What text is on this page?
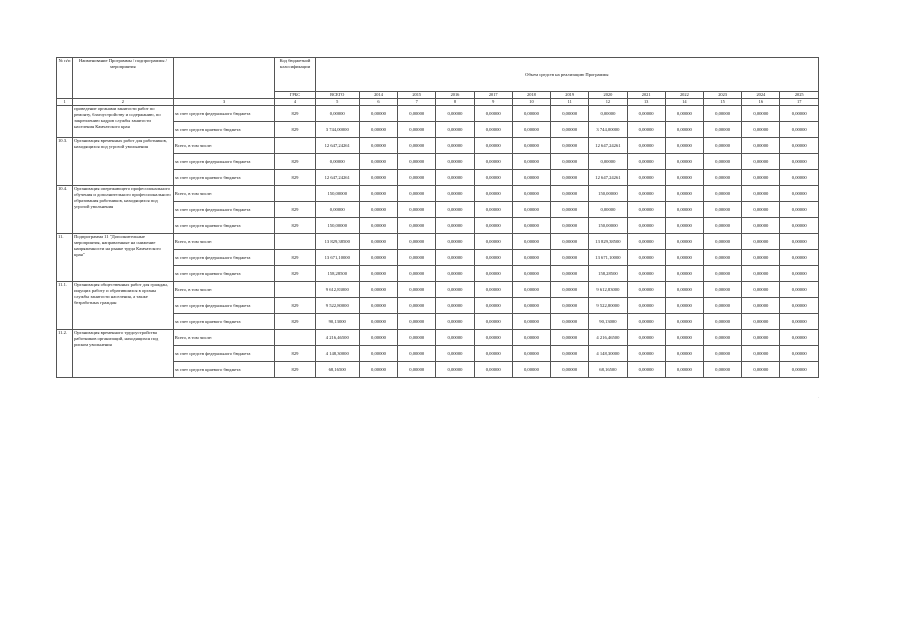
№ п/п	Наименование Программы / подпрограммы / мероприятия		Код бюджетной классификации	Объем средств на реализацию Программы												
			ГРБС	ВСЕГО	2014	2015	2016	2017	2018	2019	2020	2021	2022	2023	2024	2025
1	2	3	4	5	6	7	8	9	10	11	12	13	14	15	16	17
	проведение органами занятости работ по ремонту, благоустройству и содержанию, по закреплению кадров службы занятости населения Камчатского края	за счет средств федерального бюджета	829	0,00000	0,00000	0,00000	0,00000	0,00000	0,00000	0,00000	0,00000	0,00000	0,00000	0,00000	0,00000	0,00000
		за счет средств краевого бюджета	829	3 744,00000	0,00000	0,00000	0,00000	0,00000	0,00000	0,00000	3 744,00000	0,00000	0,00000	0,00000	0,00000	0,00000
10.3.	Организация временных работ для работников, находящихся под угрозой увольнения	Всего, в том числе:		12 647,24261	0,00000	0,00000	0,00000	0,00000	0,00000	0,00000	12 647,24261	0,00000	0,00000	0,00000	0,00000	0,00000
		за счет средств федерального бюджета	829	0,00000	0,00000	0,00000	0,00000	0,00000	0,00000	0,00000	0,00000	0,00000	0,00000	0,00000	0,00000	0,00000
		за счет средств краевого бюджета	829	12 647,24261	0,00000	0,00000	0,00000	0,00000	0,00000	0,00000	12 647,24261	0,00000	0,00000	0,00000	0,00000	0,00000
10.4.	Организация опережающего профессионального обучения и дополнительного профессионального образования работников, находящихся под угрозой увольнения	Всего, в том числе:		150,00000	0,00000	0,00000	0,00000	0,00000	0,00000	0,00000	150,00000	0,00000	0,00000	0,00000	0,00000	0,00000
		за счет средств федерального бюджета	829	0,00000	0,00000	0,00000	0,00000	0,00000	0,00000	0,00000	0,00000	0,00000	0,00000	0,00000	0,00000	0,00000
		за счет средств краевого бюджета	829	150,00000	0,00000	0,00000	0,00000	0,00000	0,00000	0,00000	150,00000	0,00000	0,00000	0,00000	0,00000	0,00000
11.	Подпрограмма 11 "Дополнительные мероприятия, направленные на снижение напряженности на рынке труда Камчатского края"	Всего, в том числе:		13 829,38500	0,00000	0,00000	0,00000	0,00000	0,00000	0,00000	13 829,38500	0,00000	0,00000	0,00000	0,00000	0,00000
		за счет средств федерального бюджета	829	13 671,10000	0,00000	0,00000	0,00000	0,00000	0,00000	0,00000	13 671,10000	0,00000	0,00000	0,00000	0,00000	0,00000
		за счет средств краевого бюджета	829	158,28500	0,00000	0,00000	0,00000	0,00000	0,00000	0,00000	158,28500	0,00000	0,00000	0,00000	0,00000	0,00000
11.1.	Организация общественных работ для граждан, ищущих работу и обратившихся в органы службы занятости населения, а также безработных граждан	Всего, в том числе:		9 612,83000	0,00000	0,00000	0,00000	0,00000	0,00000	0,00000	9 612,83000	0,00000	0,00000	0,00000	0,00000	0,00000
		за счет средств федерального бюджета	829	9 522,80000	0,00000	0,00000	0,00000	0,00000	0,00000	0,00000	9 522,80000	0,00000	0,00000	0,00000	0,00000	0,00000
		за счет средств краевого бюджета	829	90,13000	0,00000	0,00000	0,00000	0,00000	0,00000	0,00000	90,13000	0,00000	0,00000	0,00000	0,00000	0,00000
11.2.	Организация временного трудоустройства работников организаций, находящихся под риском увольнения	Всего, в том числе:		4 216,46500	0,00000	0,00000	0,00000	0,00000	0,00000	0,00000	4 216,46500	0,00000	0,00000	0,00000	0,00000	0,00000
		за счет средств федерального бюджета	829	4 148,30000	0,00000	0,00000	0,00000	0,00000	0,00000	0,00000	4 148,30000	0,00000	0,00000	0,00000	0,00000	0,00000
		за счет средств краевого бюджета	829	68,16500	0,00000	0,00000	0,00000	0,00000	0,00000	0,00000	68,16500	0,00000	0,00000	0,00000	0,00000	0,00000
·
